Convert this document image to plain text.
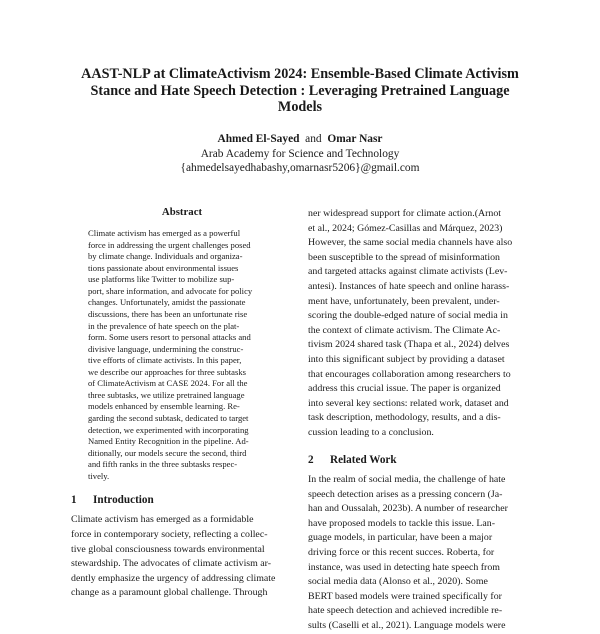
AAST-NLP at ClimateActivism 2024: Ensemble-Based Climate Activism
Stance and Hate Speech Detection : Leveraging Pretrained Language
Models
Ahmed El-Sayed and Omar Nasr
Arab Academy for Science and Technology
{ahmedelsayedhabashy,omarnasr5206}@gmail.com
Abstract
Climate activism has emerged as a powerful
force in addressing the urgent challenges posed
by climate change. Individuals and organiza-
tions passionate about environmental issues
use platforms like Twitter to mobilize sup-
port, share information, and advocate for policy
changes. Unfortunately, amidst the passionate
discussions, there has been an unfortunate rise
in the prevalence of hate speech on the plat-
form. Some users resort to personal attacks and
divisive language, undermining the construc-
tive efforts of climate activists. In this paper,
we describe our approaches for three subtasks
of ClimateActivism at CASE 2024. For all the
three subtasks, we utilize pretrained language
models enhanced by ensemble learning. Re-
garding the second subtask, dedicated to target
detection, we experimented with incorporating
Named Entity Recognition in the pipeline. Ad-
ditionally, our models secure the second, third
and fifth ranks in the three subtasks respec-
tively.
1 Introduction
Climate activism has emerged as a formidable
force in contemporary society, reflecting a collec-
tive global consciousness towards environmental
stewardship. The advocates of climate activism ar-
dently emphasize the urgency of addressing climate
change as a paramount global challenge. Through
ner widespread support for climate action.(Arnot
et al., 2024; Gómez-Casillas and Márquez, 2023)
However, the same social media channels have also
been susceptible to the spread of misinformation
and targeted attacks against climate activists (Lev-
antesi). Instances of hate speech and online harass-
ment have, unfortunately, been prevalent, under-
scoring the double-edged nature of social media in
the context of climate activism. The Climate Ac-
tivism 2024 shared task (Thapa et al., 2024) delves
into this significant subject by providing a dataset
that encourages collaboration among researchers to
address this crucial issue. The paper is organized
into several key sections: related work, dataset and
task description, methodology, results, and a dis-
cussion leading to a conclusion.
2 Related Work
In the realm of social media, the challenge of hate
speech detection arises as a pressing concern (Ja-
han and Oussalah, 2023b). A number of researcher
have proposed models to tackle this issue. Lan-
guage models, in particular, have been a major
driving force or this recent succes. Roberta, for
instance, was used in detecting hate speech from
social media data (Alonso et al., 2020). Some
BERT based models were trained specifically for
hate speech detection and achieved incredible re-
sults (Caselli et al., 2021). Language models were
